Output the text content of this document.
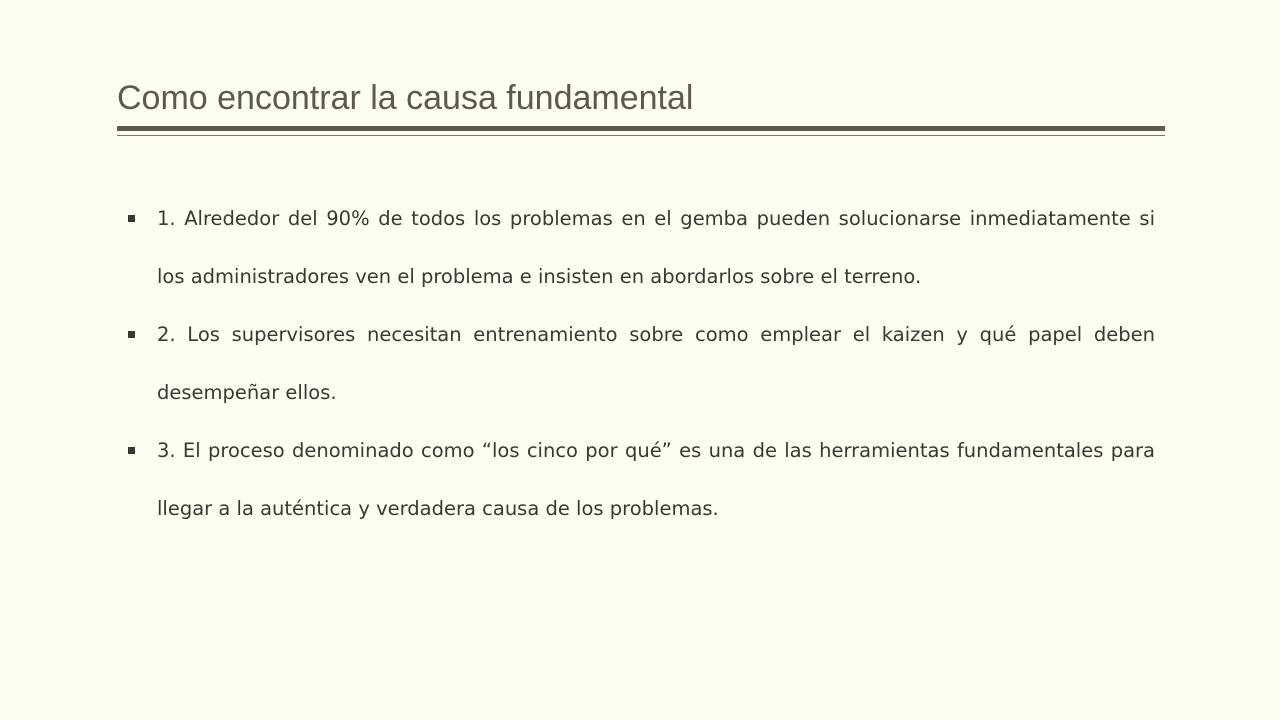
Como encontrar la causa fundamental
1. Alrededor del 90% de todos los problemas en el gemba pueden solucionarse inmediatamente si los administradores ven el problema e insisten en abordarlos sobre el terreno.
2. Los supervisores necesitan entrenamiento sobre como emplear el kaizen y qué papel deben desempeñar ellos.
3. El proceso denominado como “los cinco por qué” es una de las herramientas fundamentales para llegar a la auténtica y verdadera causa de los problemas.
